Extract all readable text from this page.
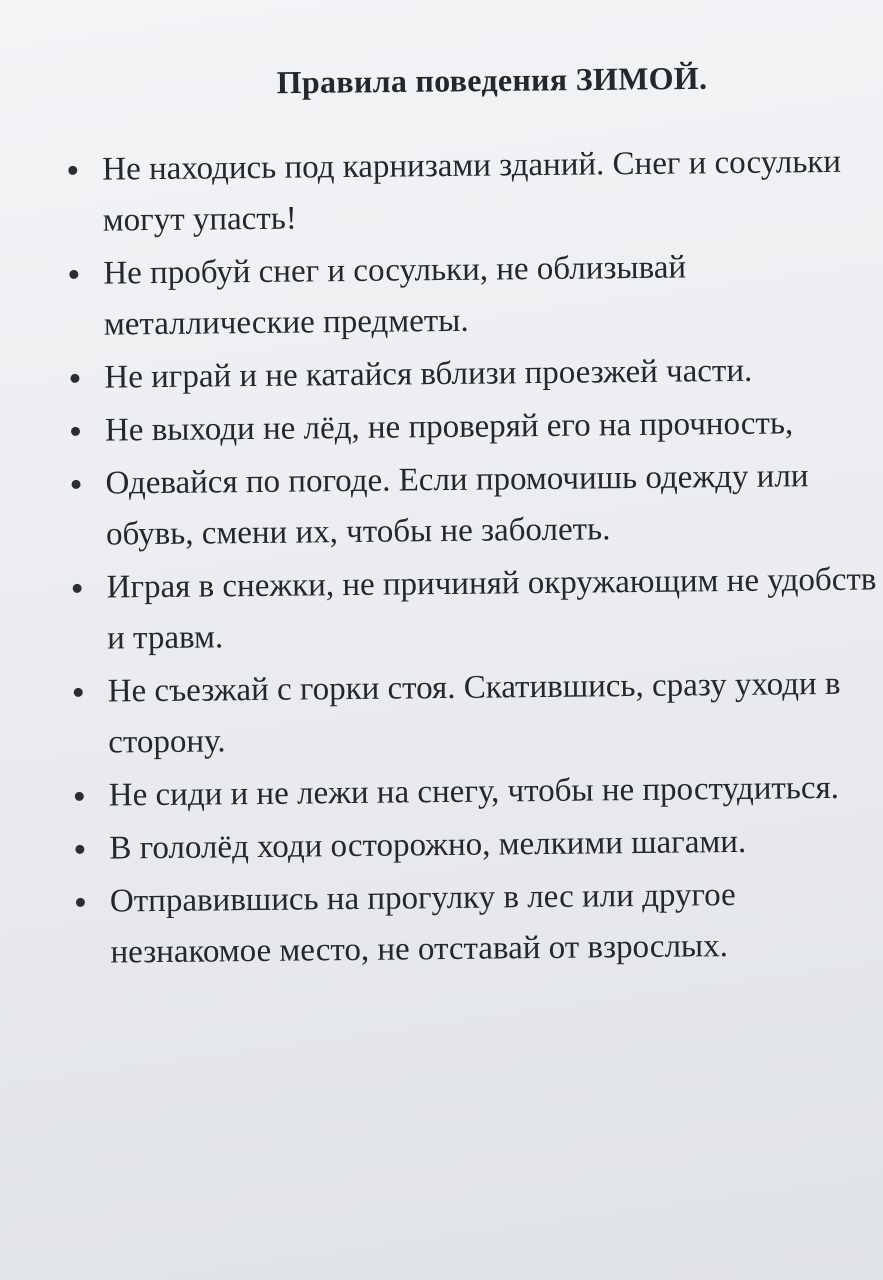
Правила поведения ЗИМОЙ.
Не находись под карнизами зданий. Снег и сосульки могут упасть!
Не пробуй снег и сосульки, не облизывай металлические предметы.
Не играй и не катайся вблизи проезжей части.
Не выходи не лёд, не проверяй его на прочность,
Одевайся по погоде. Если промочишь одежду или обувь, смени их, чтобы не заболеть.
Играя в снежки, не причиняй окружающим не удобств и травм.
Не съезжай с горки стоя. Скатившись, сразу уходи в сторону.
Не сиди и не лежи на снегу, чтобы не простудиться.
В гололёд ходи осторожно, мелкими шагами.
Отправившись на прогулку в лес или другое незнакомое место, не отставай от взрослых.
